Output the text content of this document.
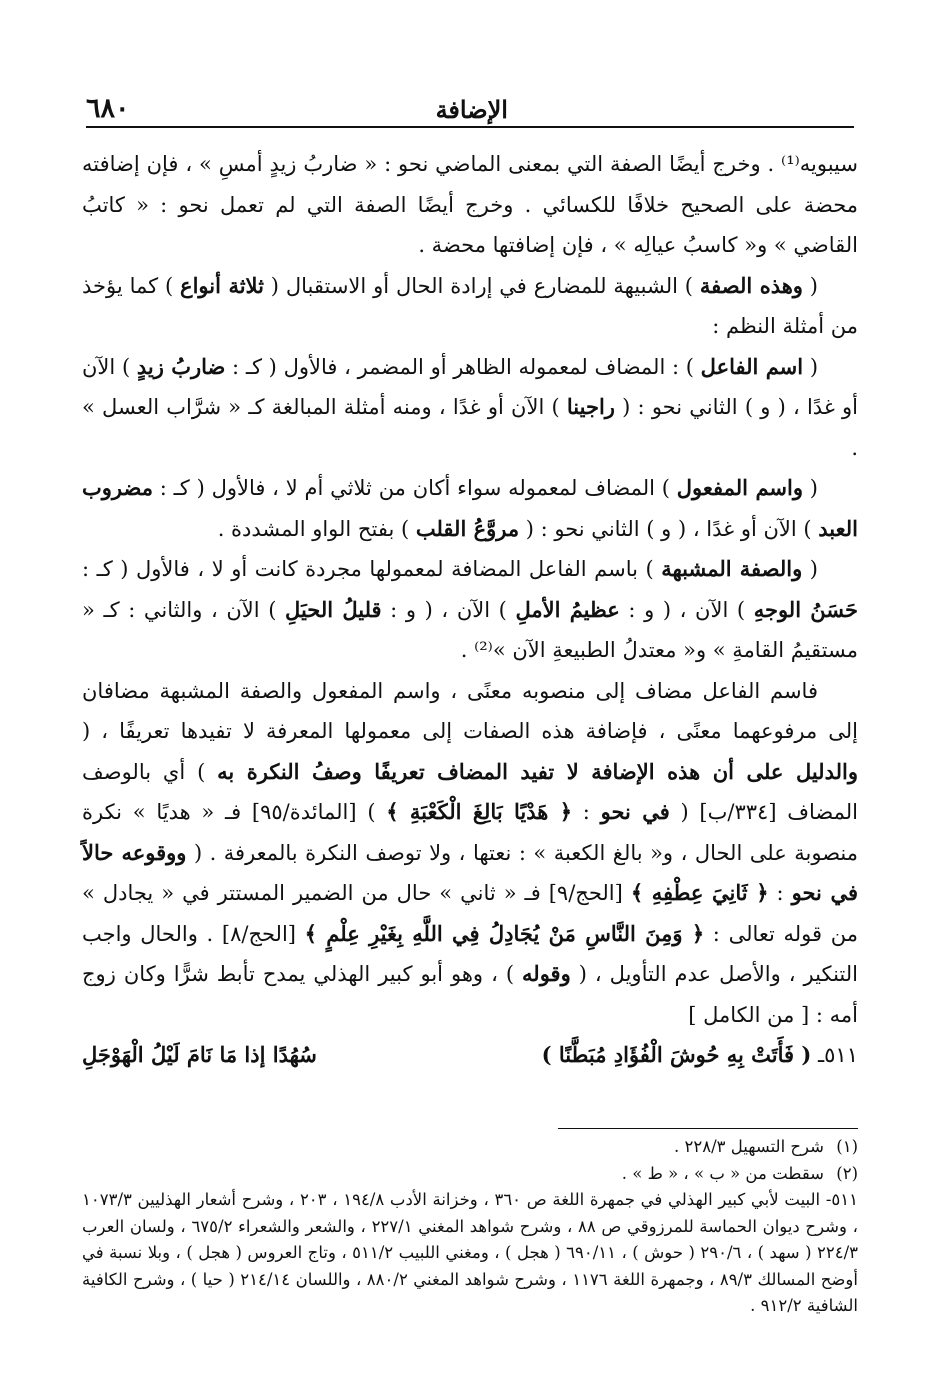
الإضافة
٦٨٠

سيبويه⁽¹⁾ . وخرج أيضًا الصفة التي بمعنى الماضي نحو : « ضاربُ زيدٍ أمسِ » ، فإن إضافته محضة على الصحيح خلافًا للكسائي . وخرج أيضًا الصفة التي لم تعمل نحو : « كاتبُ القاضي » و« كاسبُ عيالِه » ، فإن إضافتها محضة .

( وهذه الصفة ) الشبيهة للمضارع في إرادة الحال أو الاستقبال ( ثلاثة أنواع ) كما يؤخذ من أمثلة النظم :

( اسم الفاعل ) : المضاف لمعموله الظاهر أو المضمر ، فالأول ( كـ : ضاربُ زيدٍ ) الآن أو غدًا ، ( و ) الثاني نحو : ( راجينا ) الآن أو غدًا ، ومنه أمثلة المبالغة كـ « شرَّاب العسل » .

( واسم المفعول ) المضاف لمعموله سواء أكان من ثلاثي أم لا ، فالأول ( كـ : مضروب العبد ) الآن أو غدًا ، ( و ) الثاني نحو : ( مروَّعُ القلب ) بفتح الواو المشددة .

( والصفة المشبهة ) باسم الفاعل المضافة لمعمولها مجردة كانت أو لا ، فالأول ( كـ : حَسَنُ الوجهِ ) الآن ، ( و : عظيمُ الأملِ ) الآن ، ( و : قليلُ الحيَلِ ) الآن ، والثاني : كـ « مستقيمُ القامةِ » و« معتدلُ الطبيعةِ الآن »⁽²⁾ .

فاسم الفاعل مضاف إلى منصوبه معنًى ، واسم المفعول والصفة المشبهة مضافان إلى مرفوعهما معنًى ، فإضافة هذه الصفات إلى معمولها المعرفة لا تفيدها تعريفًا ، ( والدليل على أن هذه الإضافة لا تفيد المضاف تعريفًا وصفُ النكرة به ) أي بالوصف المضاف [٣٣٤/ب] ( في نحو : ﴿ هَدْيًا بَالِغَ الْكَعْبَةِ ﴾ ) [المائدة/٩٥] فـ « هديًا » نكرة منصوبة على الحال ، و« بالغ الكعبة » : نعتها ، ولا توصف النكرة بالمعرفة . ( ووقوعه حالاً في نحو : ﴿ ثَانِيَ عِطْفِهِ ﴾ [الحج/٩] فـ « ثاني » حال من الضمير المستتر في « يجادل » من قوله تعالى : ﴿ وَمِنَ النَّاسِ مَنْ يُجَادِلُ فِي اللَّهِ بِغَيْرِ عِلْمٍ ﴾ [الحج/٨] . والحال واجب التنكير ، والأصل عدم التأويل ، ( وقوله ) ، وهو أبو كبير الهذلي يمدح تأبط شرًّا وكان زوج أمه : [ من الكامل ]

٥١١ـ ( فَأَتَتْ بِهِ حُوشَ الْفُؤَادِ مُبَطَّنًا )
سُهُدًا إذا مَا نَامَ لَيْلُ الْهَوْجَلِ

(١)شرح التسهيل ٢٢٨/٣ .

(٢)سقطت من « ب » ، « ط » .

٥١١- البيت لأبي كبير الهذلي في جمهرة اللغة ص ٣٦٠ ، وخزانة الأدب ١٩٤/٨ ، ٢٠٣ ، وشرح أشعار الهذليين ١٠٧٣/٣ ، وشرح ديوان الحماسة للمرزوقي ص ٨٨ ، وشرح شواهد المغني ٢٢٧/١ ، والشعر والشعراء ٦٧٥/٢ ، ولسان العرب ٢٢٤/٣ ( سهد ) ، ٢٩٠/٦ ( حوش ) ، ٦٩٠/١١ ( هجل ) ، ومغني اللبيب ٥١١/٢ ، وتاج العروس ( هجل ) ، وبلا نسبة في أوضح المسالك ٨٩/٣ ، وجمهرة اللغة ١١٧٦ ، وشرح شواهد المغني ٨٨٠/٢ ، واللسان ٢١٤/١٤ ( حيا ) ، وشرح الكافية الشافية ٩١٢/٢ .
